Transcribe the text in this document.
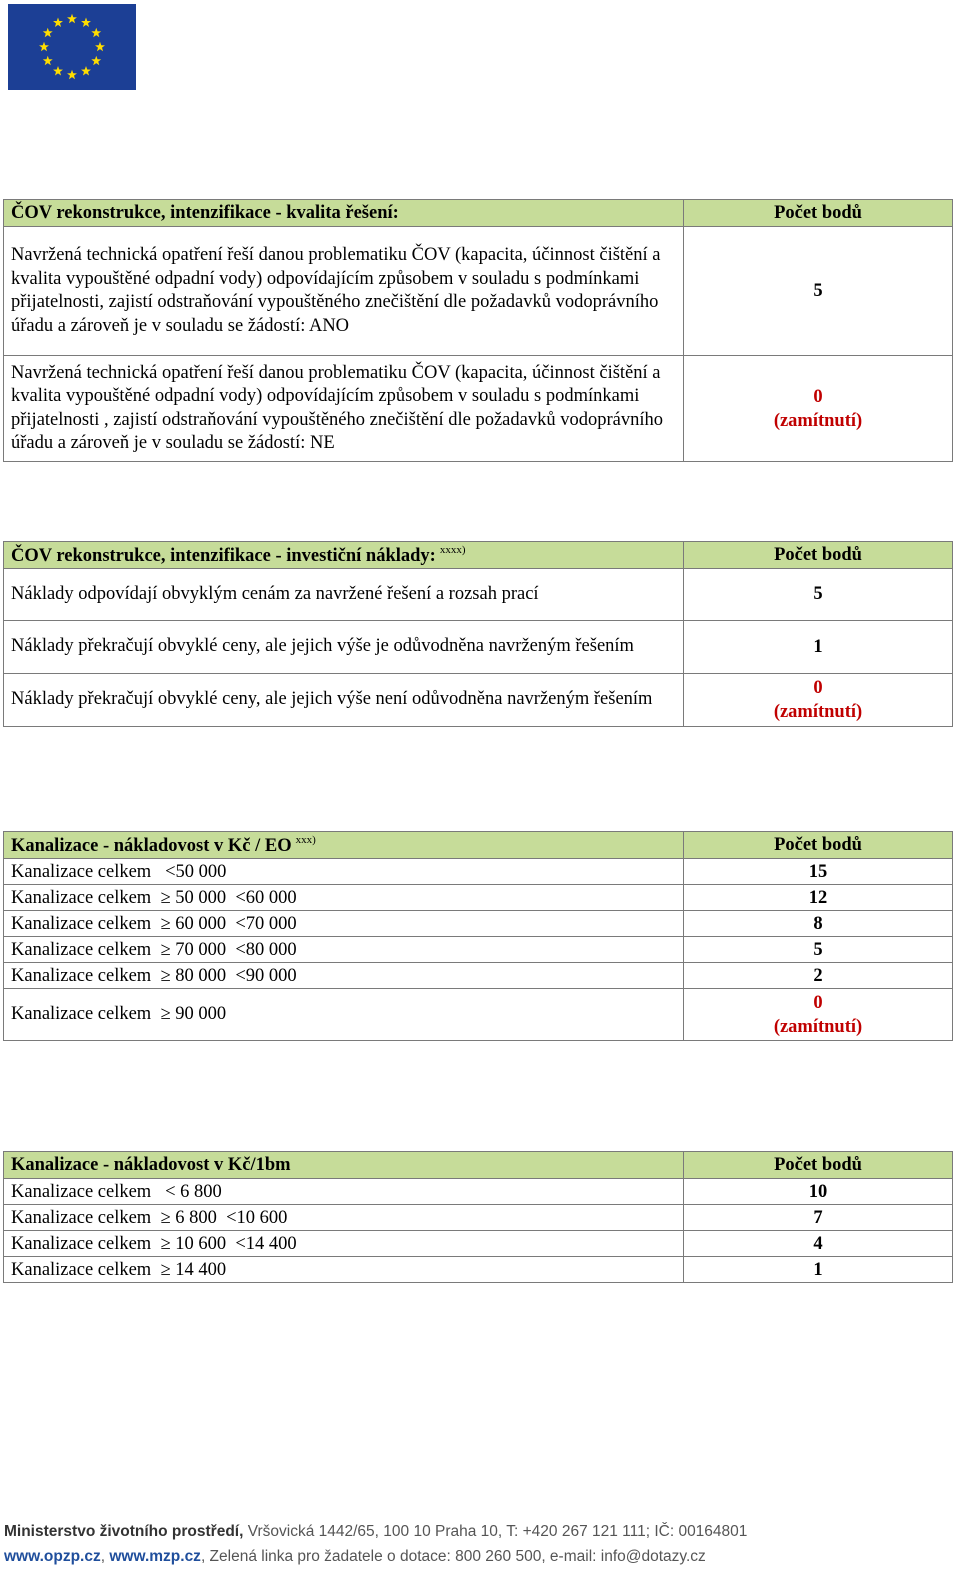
ČOV rekonstrukce, intenzifikace - kvalita řešení:	Počet bodů
Navržená technická opatření řeší danou problematiku ČOV (kapacita, účinnost čištění a kvalita vypouštěné odpadní vody) odpovídajícím způsobem v souladu s podmínkami přijatelnosti, zajistí odstraňování vypouštěného znečištění dle požadavků vodoprávního úřadu a zároveň je v souladu se žádostí: ANO	5
Navržená technická opatření řeší danou problematiku ČOV (kapacita, účinnost čištění a kvalita vypouštěné odpadní vody) odpovídajícím způsobem v souladu s podmínkami přijatelnosti , zajistí odstraňování vypouštěného znečištění dle požadavků vodoprávního úřadu a zároveň je v souladu se žádostí: NE	0
(zamítnutí)
ČOV rekonstrukce, intenzifikace - investiční náklady: $^{xxxx)}$	Počet bodů
Náklady odpovídají obvyklým cenám za navržené řešení a rozsah prací	5
Náklady překračují obvyklé ceny, ale jejich výše je odůvodněna navrženým řešením	1
Náklady překračují obvyklé ceny, ale jejich výše není odůvodněna navrženým řešením	0
(zamítnutí)
Kanalizace - nákladovost v Kč / EO $^{xxx)}$	Počet bodů
Kanalizace celkem   <50 000	15
Kanalizace celkem  ≥ 50 000  <60 000	12
Kanalizace celkem  ≥ 60 000  <70 000	8
Kanalizace celkem  ≥ 70 000  <80 000	5
Kanalizace celkem  ≥ 80 000  <90 000	2
Kanalizace celkem  ≥ 90 000	0
(zamítnutí)
Kanalizace - nákladovost v Kč/1bm	Počet bodů
Kanalizace celkem   < 6 800	10
Kanalizace celkem  ≥ 6 800  <10 600	7
Kanalizace celkem  ≥ 10 600  <14 400	4
Kanalizace celkem  ≥ 14 400	1
Ministerstvo životního prostředí, Vršovická 1442/65, 100 10 Praha 10, T: +420 267 121 111; IČ: 00164801
www.opzp.cz, www.mzp.cz, Zelená linka pro žadatele o dotace: 800 260 500, e-mail: info@dotazy.cz
